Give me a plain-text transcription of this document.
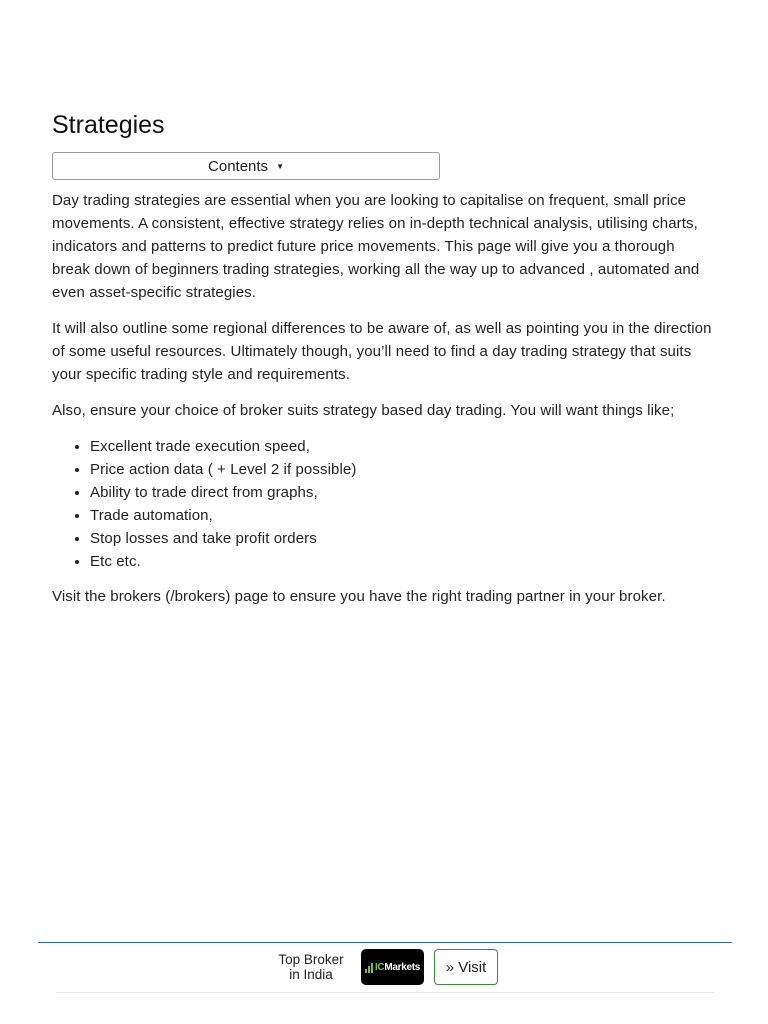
Strategies
Contents ▼

Day trading strategies are essential when you are looking to capitalise on frequent, small price movements. A consistent, effective strategy relies on in-depth technical analysis, utilising charts, indicators and patterns to predict future price movements. This page will give you a thorough break down of beginners trading strategies, working all the way up to advanced , automated and even asset-specific strategies.

It will also outline some regional differences to be aware of, as well as pointing you in the direction of some useful resources. Ultimately though, you’ll need to find a day trading strategy that suits your specific trading style and requirements.

Also, ensure your choice of broker suits strategy based day trading. You will want things like;

• Excellent trade execution speed,
• Price action data ( + Level 2 if possible)
• Ability to trade direct from graphs,
• Trade automation,
• Stop losses and take profit orders
• Etc etc.

Visit the brokers (/brokers) page to ensure you have the right trading partner in your broker.

Top Broker
in India	IC Markets	» Visit
